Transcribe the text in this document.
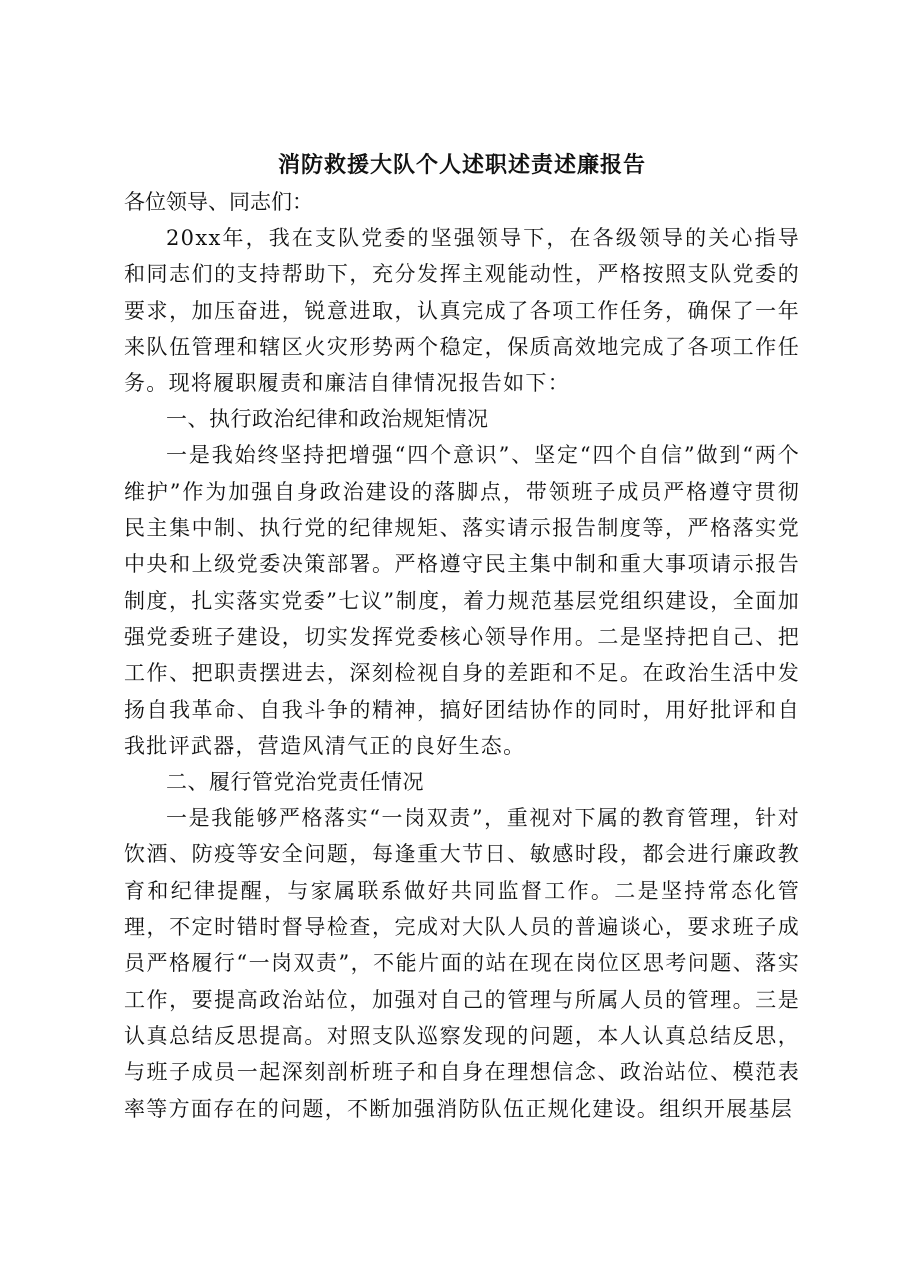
消防救援大队个人述职述责述廉报告

各位领导、同志们：

20xx年，我在支队党委的坚强领导下，在各级领导的关心指导和同志们的支持帮助下，充分发挥主观能动性，严格按照支队党委的要求，加压奋进，锐意进取，认真完成了各项工作任务，确保了一年来队伍管理和辖区火灾形势两个稳定，保质高效地完成了各项工作任务。现将履职履责和廉洁自律情况报告如下：

一、执行政治纪律和政治规矩情况

一是我始终坚持把增强“四个意识”、坚定“四个自信”做到“两个维护”作为加强自身政治建设的落脚点，带领班子成员严格遵守贯彻民主集中制、执行党的纪律规矩、落实请示报告制度等，严格落实党中央和上级党委决策部署。严格遵守民主集中制和重大事项请示报告制度，扎实落实党委”七议”制度，着力规范基层党组织建设，全面加强党委班子建设，切实发挥党委核心领导作用。二是坚持把自己、把工作、把职责摆进去，深刻检视自身的差距和不足。在政治生活中发扬自我革命、自我斗争的精神，搞好团结协作的同时，用好批评和自我批评武器，营造风清气正的良好生态。

二、履行管党治党责任情况

一是我能够严格落实“一岗双责”，重视对下属的教育管理，针对饮酒、防疫等安全问题，每逢重大节日、敏感时段，都会进行廉政教育和纪律提醒，与家属联系做好共同监督工作。二是坚持常态化管理，不定时错时督导检查，完成对大队人员的普遍谈心，要求班子成员严格履行“一岗双责”，不能片面的站在现在岗位区思考问题、落实工作，要提高政治站位，加强对自己的管理与所属人员的管理。三是认真总结反思提高。对照支队巡察发现的问题，本人认真总结反思，与班子成员一起深刻剖析班子和自身在理想信念、政治站位、模范表率等方面存在的问题，不断加强消防队伍正规化建设。组织开展基层
